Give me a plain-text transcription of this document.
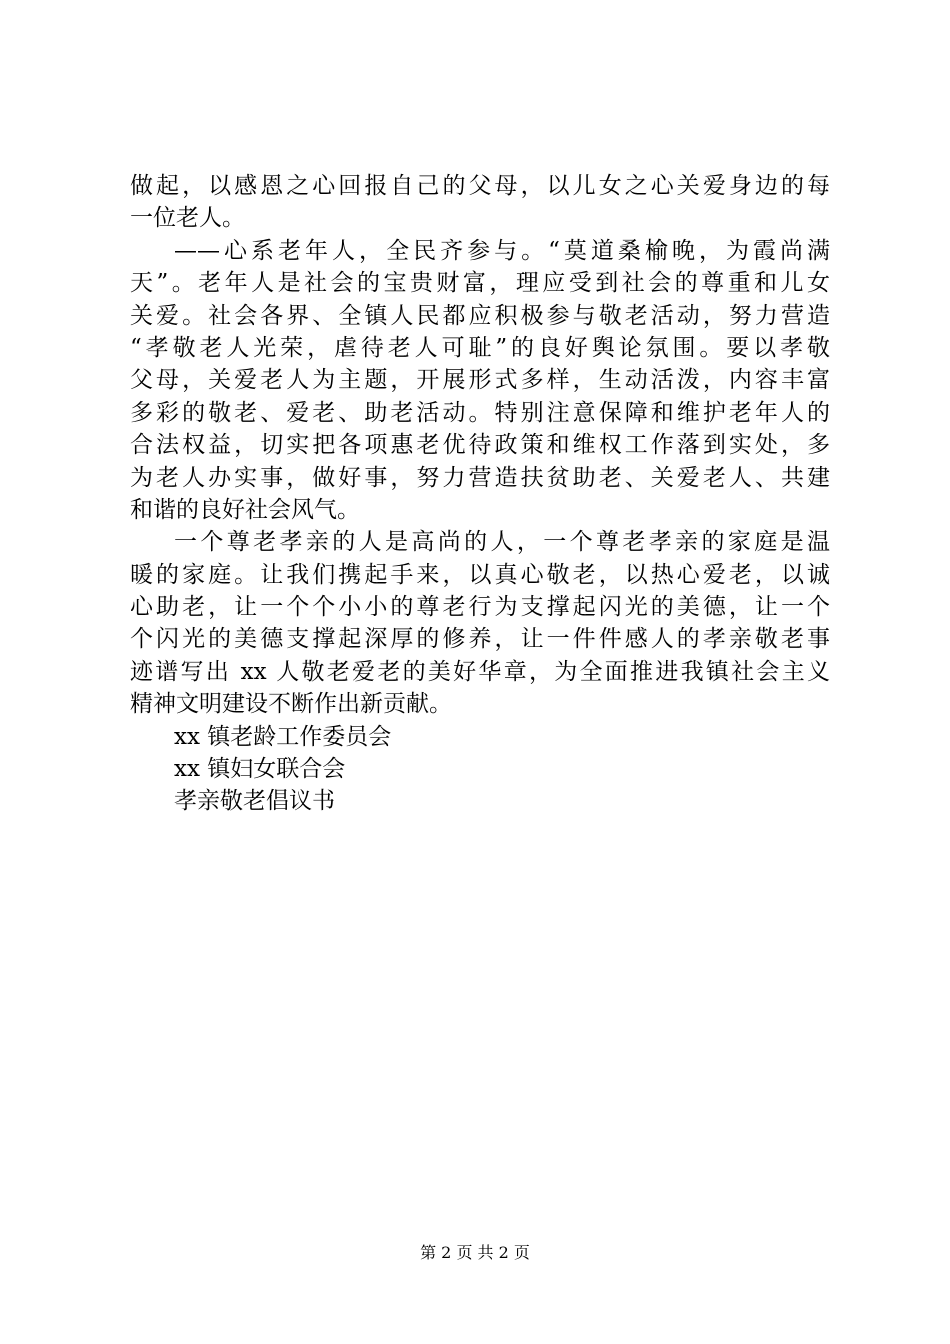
做起，以感恩之心回报自己的父母，以儿女之心关爱身边的每
一位老人。
——心系老年人，全民齐参与。“莫道桑榆晚，为霞尚满
天”。老年人是社会的宝贵财富，理应受到社会的尊重和儿女
关爱。社会各界、全镇人民都应积极参与敬老活动，努力营造
“孝敬老人光荣，虐待老人可耻”的良好舆论氛围。要以孝敬
父母，关爱老人为主题，开展形式多样，生动活泼，内容丰富
多彩的敬老、爱老、助老活动。特别注意保障和维护老年人的
合法权益，切实把各项惠老优待政策和维权工作落到实处，多
为老人办实事，做好事，努力营造扶贫助老、关爱老人、共建
和谐的良好社会风气。
一个尊老孝亲的人是高尚的人，一个尊老孝亲的家庭是温
暖的家庭。让我们携起手来，以真心敬老，以热心爱老，以诚
心助老，让一个个小小的尊老行为支撑起闪光的美德，让一个
个闪光的美德支撑起深厚的修养，让一件件感人的孝亲敬老事
迹谱写出 xx 人敬老爱老的美好华章，为全面推进我镇社会主义
精神文明建设不断作出新贡献。
xx 镇老龄工作委员会
xx 镇妇女联合会
孝亲敬老倡议书
第 2 页 共 2 页
